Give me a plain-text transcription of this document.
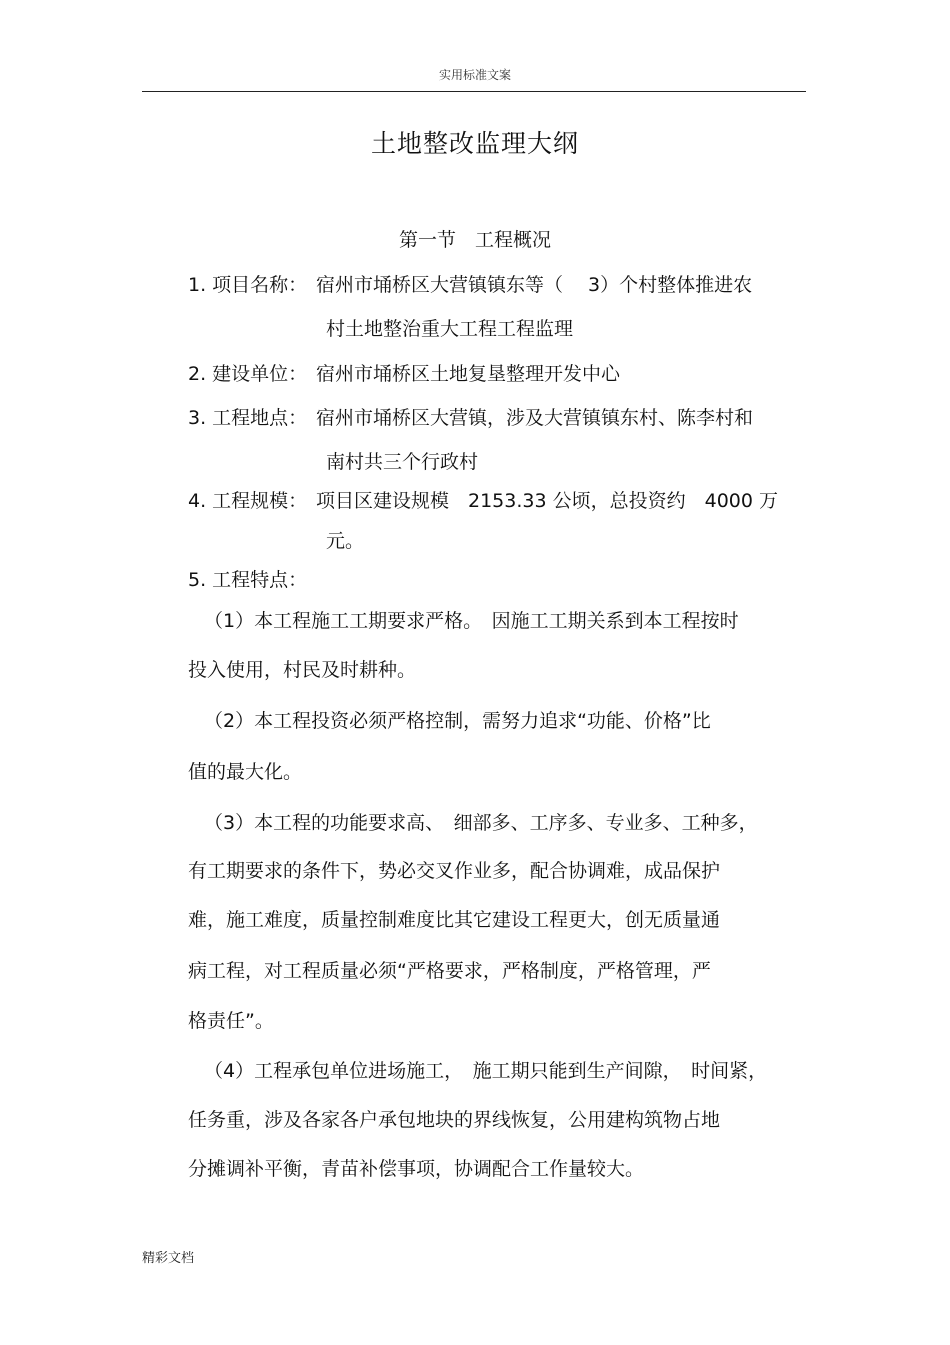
实用标准文案
土地整改监理大纲
第一节　工程概况
1. 项目名称： 宿州市埇桥区大营镇镇东等（　 3）个村整体推进农
村土地整治重大工程工程监理
2. 建设单位： 宿州市埇桥区土地复垦整理开发中心
3. 工程地点： 宿州市埇桥区大营镇，涉及大营镇镇东村、陈李村和
南村共三个行政村
4. 工程规模： 项目区建设规模　2153.33 公顷，总投资约　4000 万
元。
5. 工程特点：
（1）本工程施工工期要求严格。　因施工工期关系到本工程按时
投入使用，村民及时耕种。
（2）本工程投资必须严格控制，需努力追求“功能、价格”比
值的最大化。
（3）本工程的功能要求高、　细部多、工序多、专业多、工种多，
有工期要求的条件下，势必交叉作业多，配合协调难，成品保护
难，施工难度，质量控制难度比其它建设工程更大，创无质量通
病工程，对工程质量必须“严格要求，严格制度，严格管理，严
格责任”。
（4）工程承包单位进场施工，　施工期只能到生产间隙，　时间紧，
任务重，涉及各家各户承包地块的界线恢复，公用建构筑物占地
分摊调补平衡，青苗补偿事项，协调配合工作量较大。
精彩文档
